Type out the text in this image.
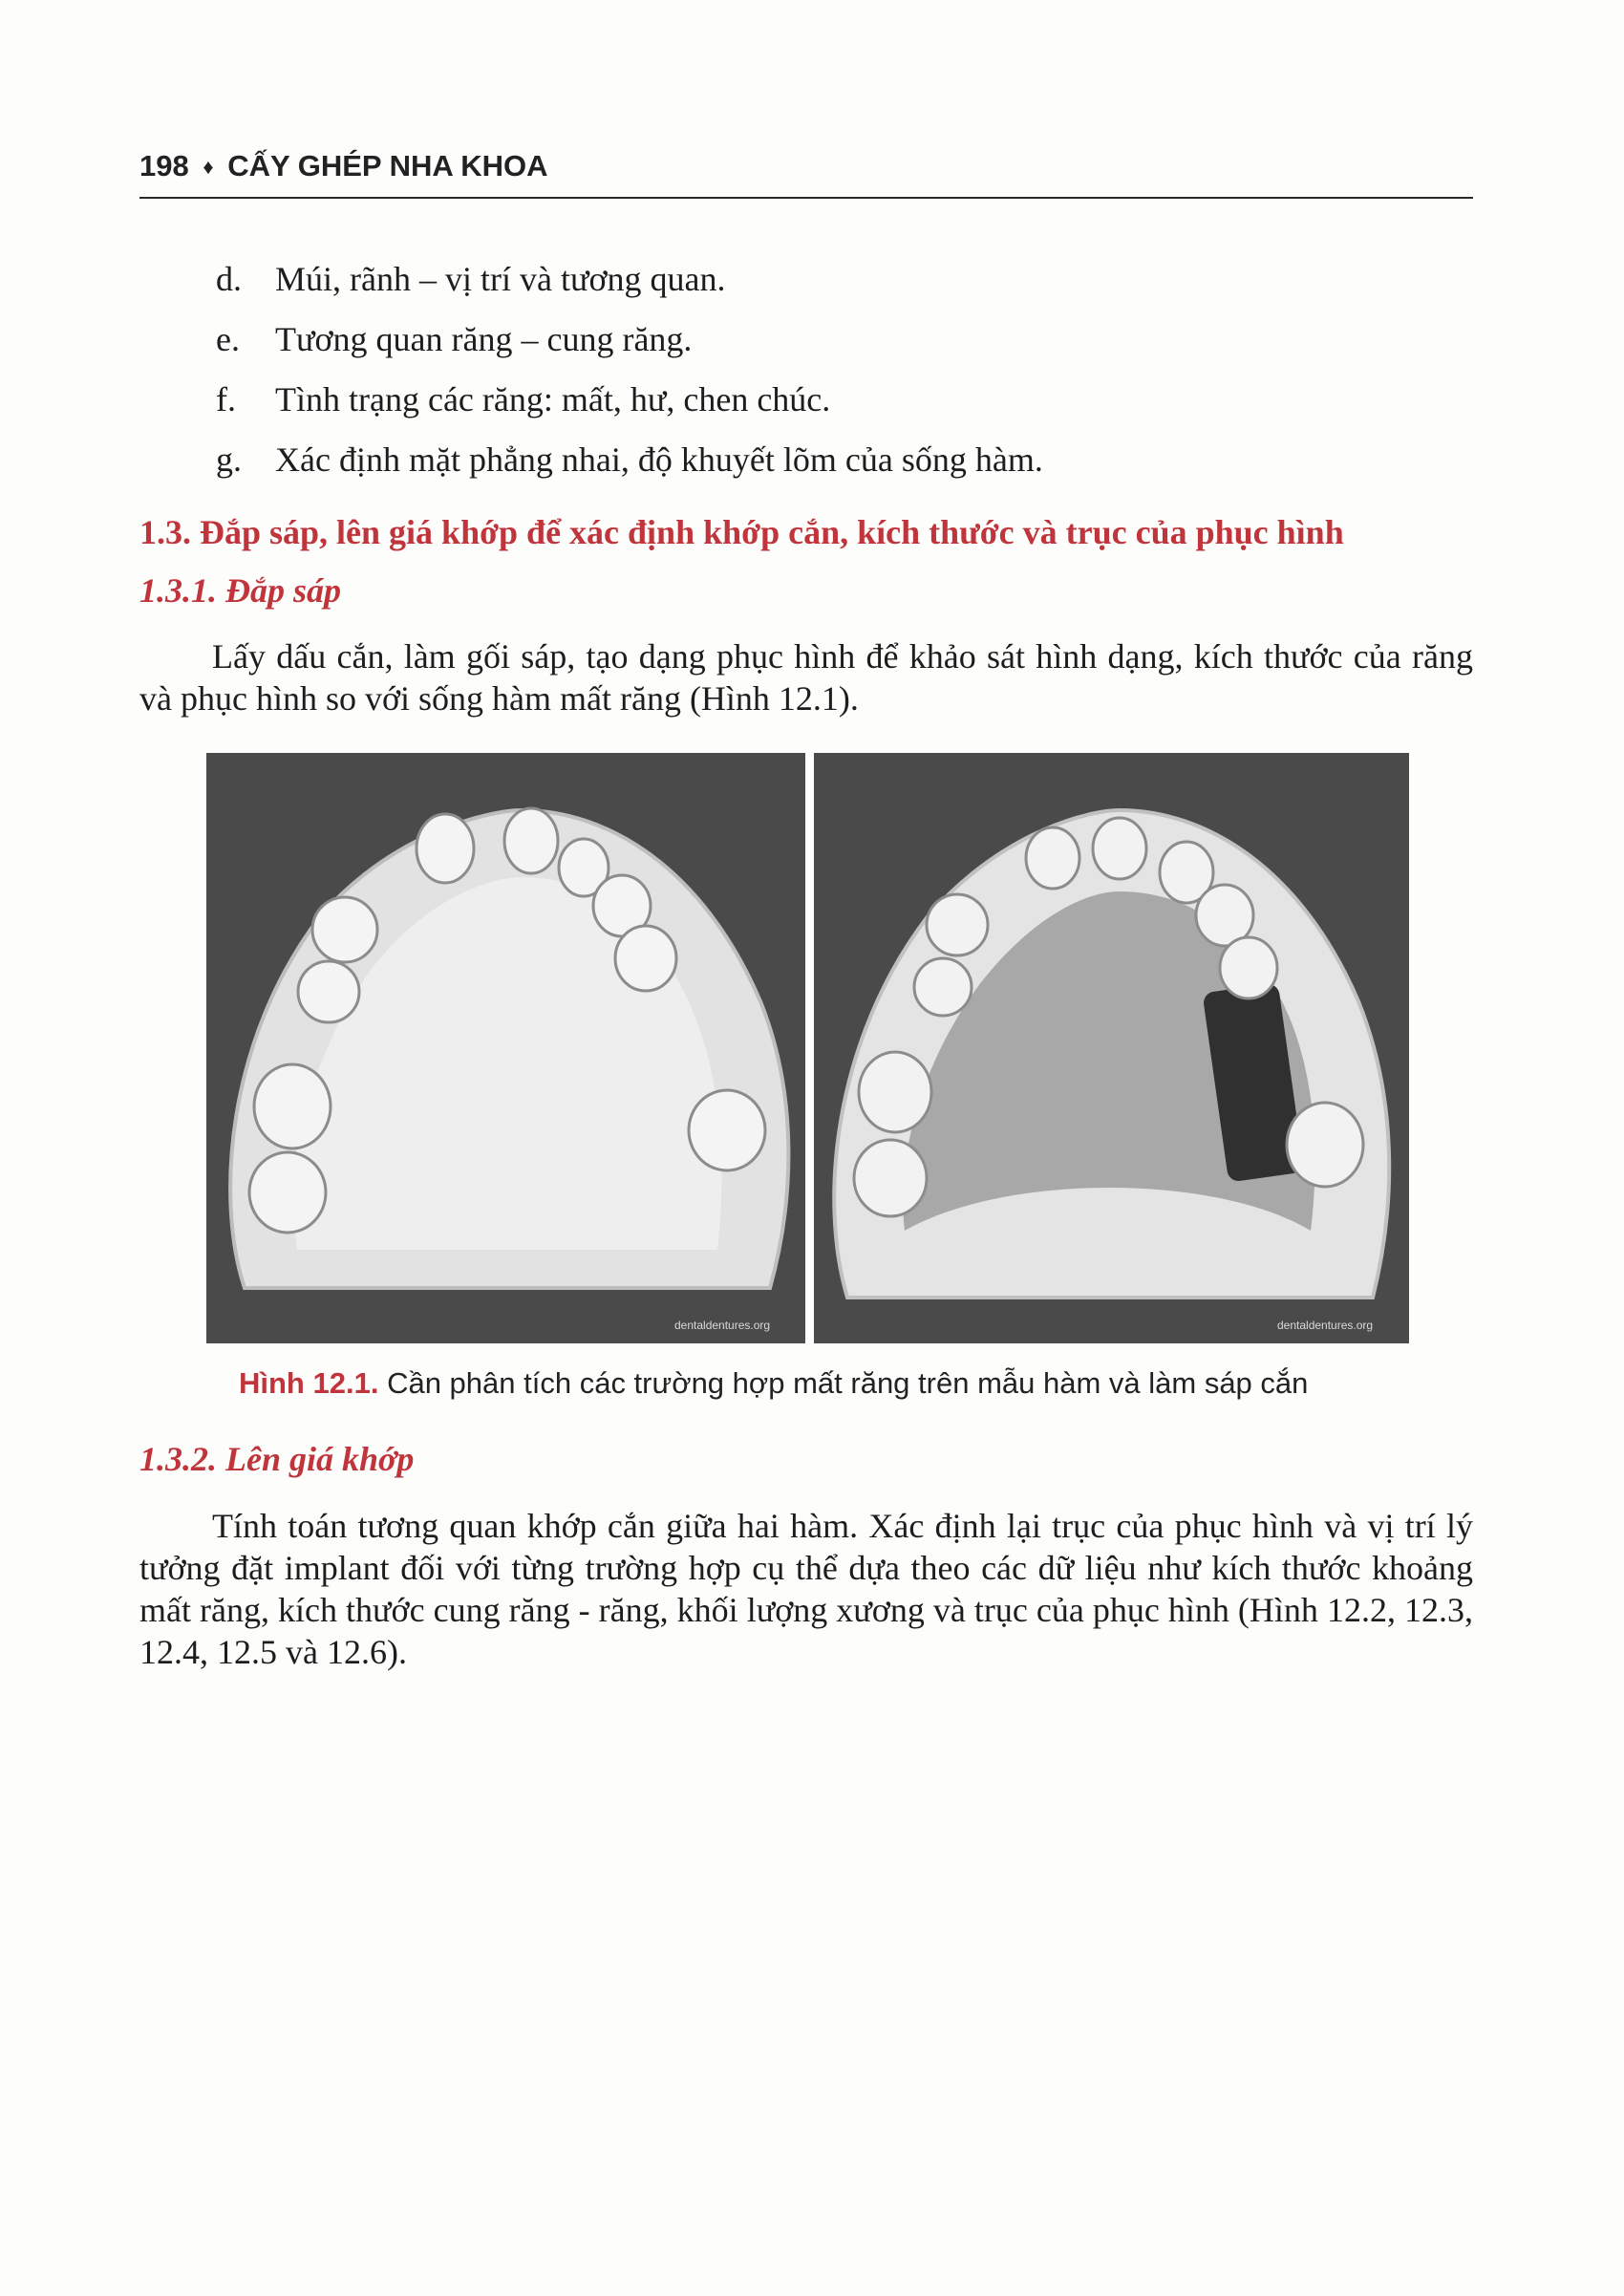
198 ♦ CẤY GHÉP NHA KHOA
d. Múi, rãnh – vị trí và tương quan.
e.	Tương quan răng – cung răng.
f.	Tình trạng các răng: mất, hư, chen chúc.
g. Xác định mặt phẳng nhai, độ khuyết lõm của sống hàm.
1.3. Đắp sáp, lên giá khớp để xác định khớp cắn, kích thước và trục của phục hình
1.3.1. Đắp sáp

Lấy dấu cắn, làm gối sáp, tạo dạng phục hình để khảo sát hình dạng, kích thước của răng và phục hình so với sống hàm mất răng (Hình 12.1).

dentaldentures.org	dentaldentures.org
Hình 12.1. Cần phân tích các trường hợp mất răng trên mẫu hàm và làm sáp cắn
1.3.2. Lên giá khớp

Tính toán tương quan khớp cắn giữa hai hàm. Xác định lại trục của phục hình và vị trí lý tưởng đặt implant đối với từng trường hợp cụ thể dựa theo các dữ liệu như kích thước khoảng mất răng, kích thước cung răng - răng, khối lượng xương và trục của phục hình (Hình 12.2, 12.3, 12.4, 12.5 và 12.6).
